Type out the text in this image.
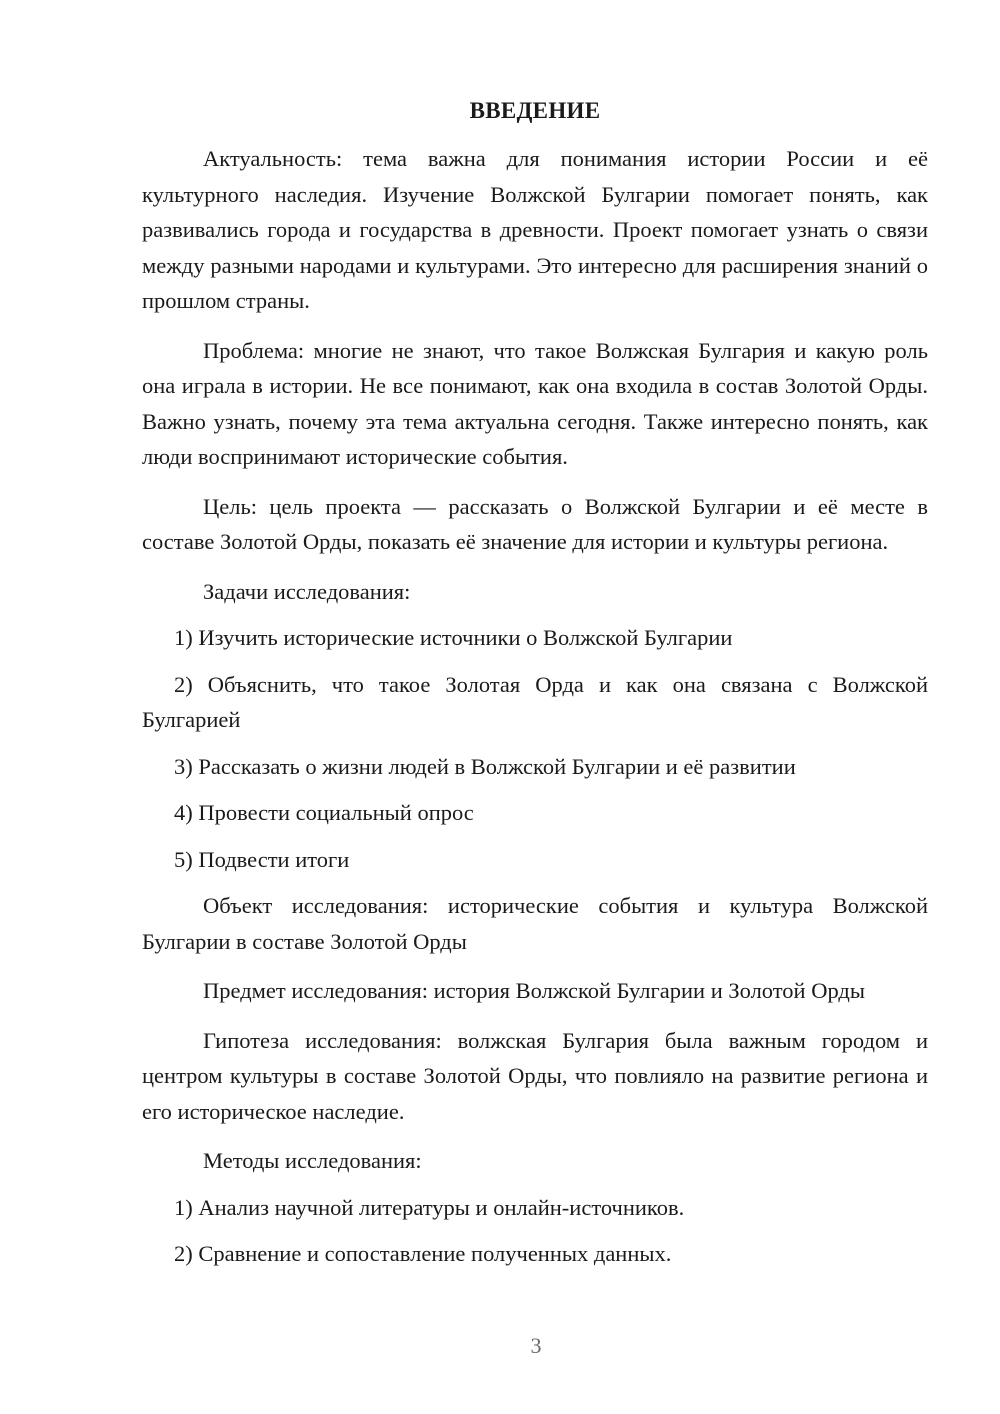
ВВЕДЕНИЕ

Актуальность: тема важна для понимания истории России и её культурного наследия. Изучение Волжской Булгарии помогает понять, как развивались города и государства в древности. Проект помогает узнать о связи между разными народами и культурами. Это интересно для расширения знаний о прошлом страны.

Проблема: многие не знают, что такое Волжская Булгария и какую роль она играла в истории. Не все понимают, как она входила в состав Золотой Орды. Важно узнать, почему эта тема актуальна сегодня. Также интересно понять, как люди воспринимают исторические события.

Цель: цель проекта — рассказать о Волжской Булгарии и её месте в составе Золотой Орды, показать её значение для истории и культуры региона.

Задачи исследования:

1) Изучить исторические источники о Волжской Булгарии

2) Объяснить, что такое Золотая Орда и как она связана с Волжской Булгарией

3) Рассказать о жизни людей в Волжской Булгарии и её развитии

4) Провести социальный опрос

5) Подвести итоги

Объект исследования: исторические события и культура Волжской Булгарии в составе Золотой Орды

Предмет исследования: история Волжской Булгарии и Золотой Орды

Гипотеза исследования: волжская Булгария была важным городом и центром культуры в составе Золотой Орды, что повлияло на развитие региона и его историческое наследие.

Методы исследования:

1) Анализ научной литературы и онлайн-источников.

2) Сравнение и сопоставление полученных данных.

3
